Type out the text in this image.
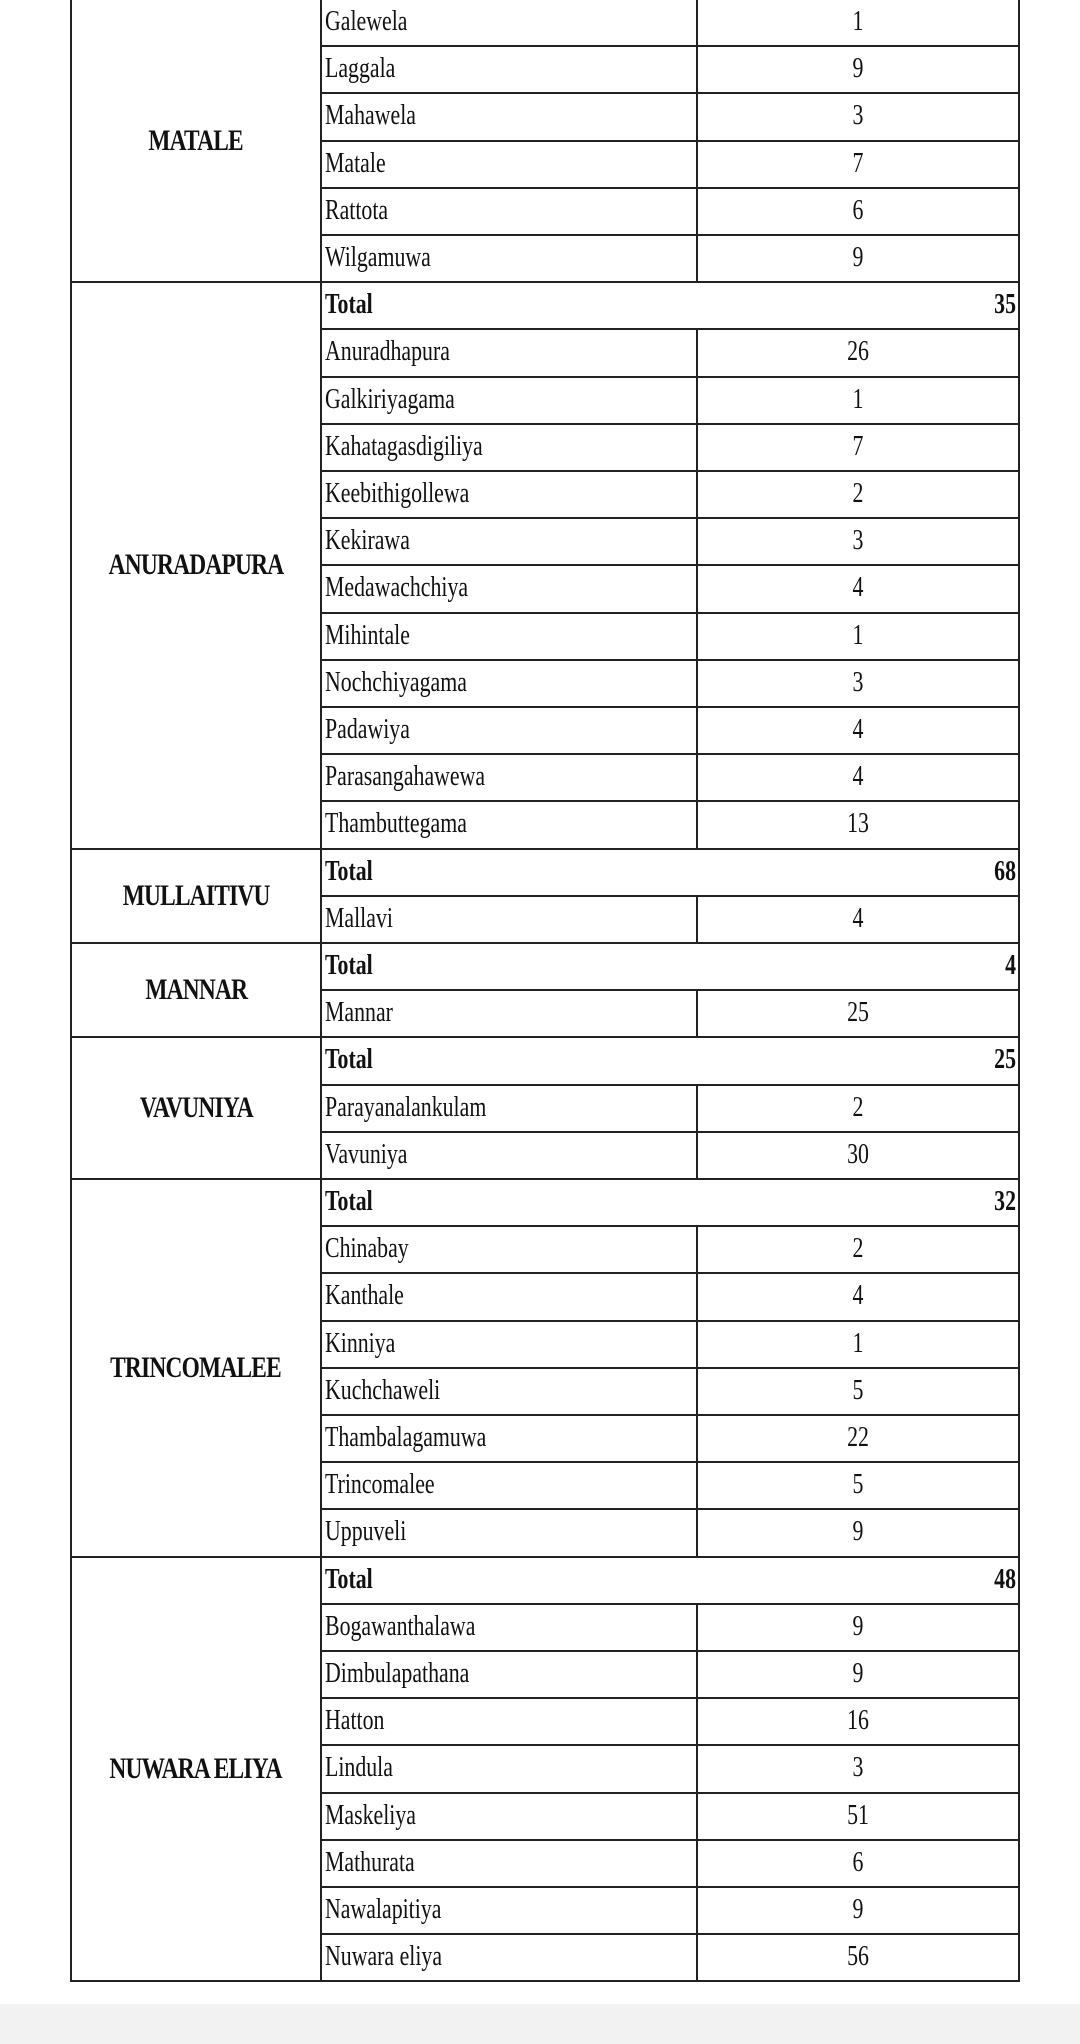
MATALE
Galewela	1
Laggala	9
Mahawela	3
Matale	7
Rattota	6
Wilgamuwa	9
ANURADAPURA
Total	35
Anuradhapura	26
Galkiriyagama	1
Kahatagasdigiliya	7
Keebithigollewa	2
Kekirawa	3
Medawachchiya	4
Mihintale	1
Nochchiyagama	3
Padawiya	4
Parasangahawewa	4
Thambuttegama	13
MULLAITIVU
Total	68
Mallavi	4
MANNAR
Total	4
Mannar	25
VAVUNIYA
Total	25
Parayanalankulam	2
Vavuniya	30
TRINCOMALEE
Total	32
Chinabay	2
Kanthale	4
Kinniya	1
Kuchchaweli	5
Thambalagamuwa	22
Trincomalee	5
Uppuveli	9
NUWARA ELIYA
Total	48
Bogawanthalawa	9
Dimbulapathana	9
Hatton	16
Lindula	3
Maskeliya	51
Mathurata	6
Nawalapitiya	9
Nuwara eliya	56
